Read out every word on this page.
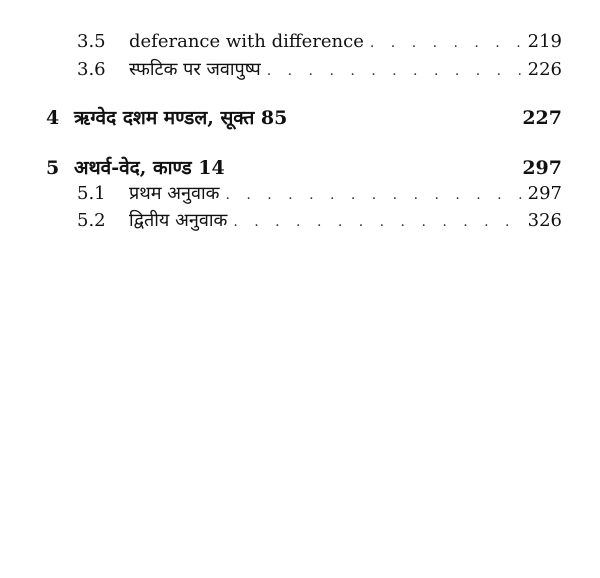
3.5	deferance with difference . . .	219
3.6	स्फटिक पर जवापुष्प . . .	226
4 ऋग्वेद दशम मण्डल, सूक्त 85	227
5 अथर्व-वेद, काण्ड 14	297
5.1	प्रथम अनुवाक . . .	297
5.2	द्वितीय अनुवाक . . .	326
